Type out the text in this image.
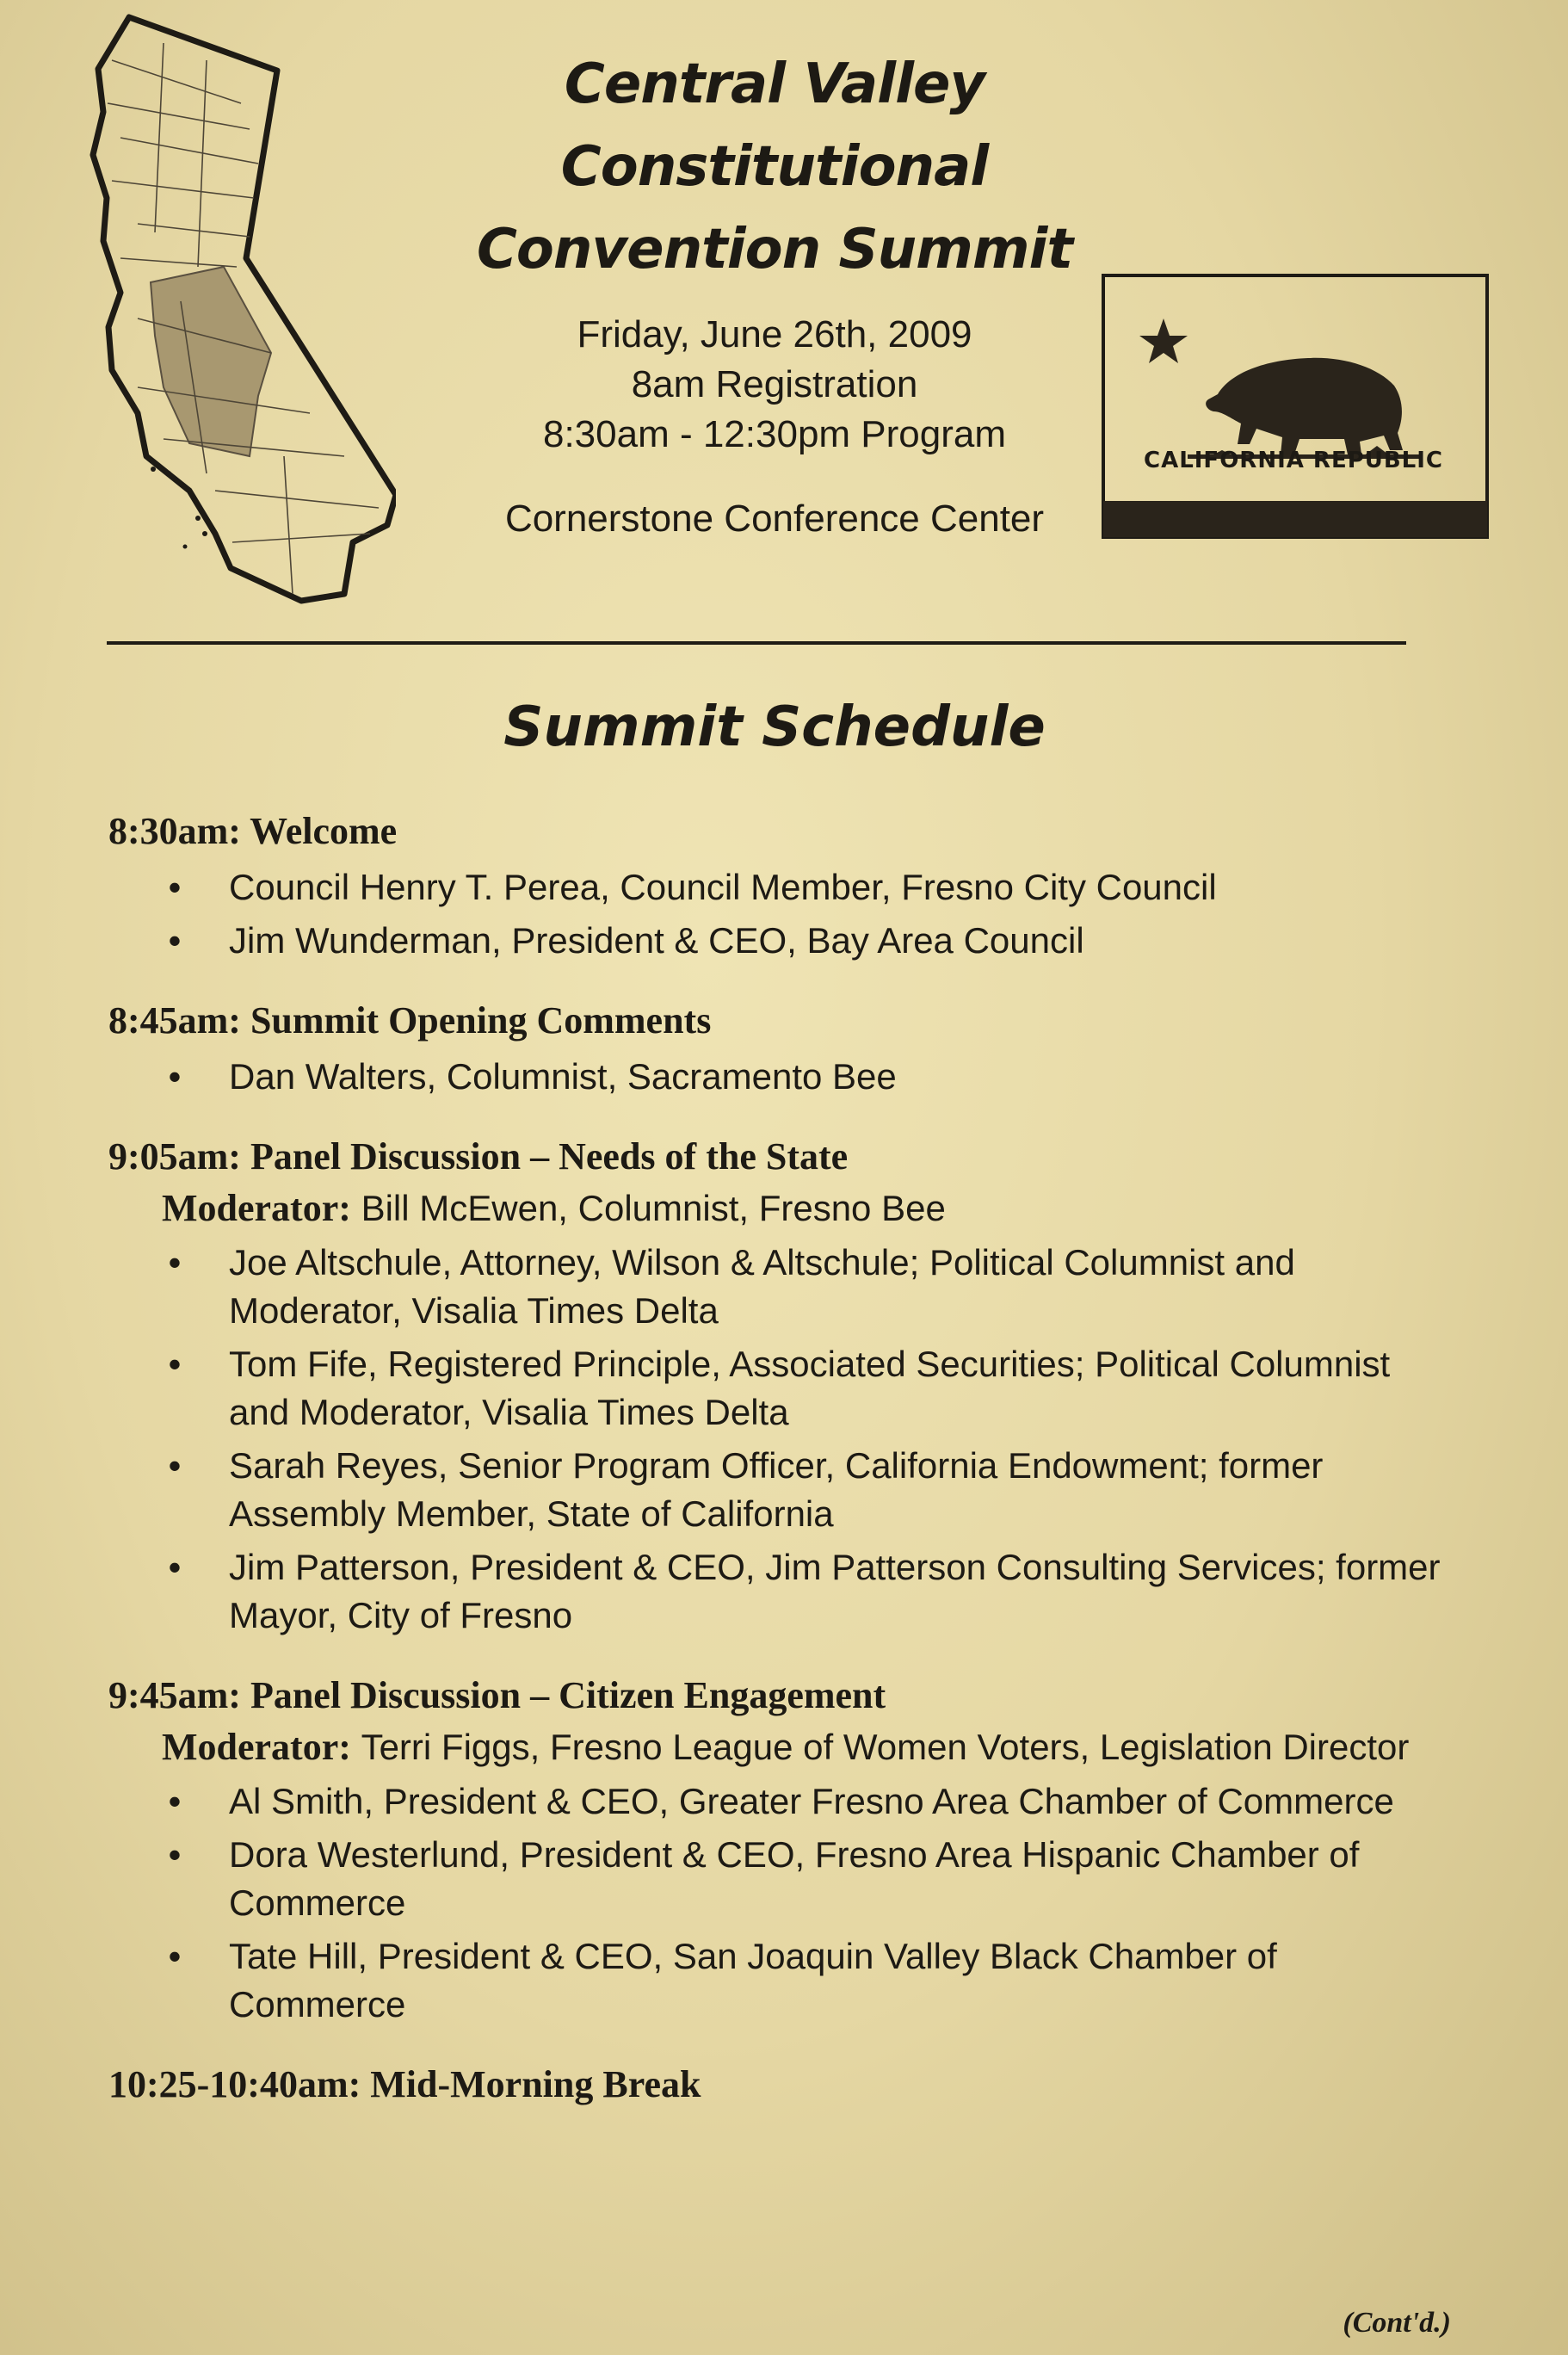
Central Valley Constitutional
Convention Summit
Friday, June 26th, 2009
8am Registration
8:30am - 12:30pm Program
Cornerstone Conference Center
CALIFORNIA REPUBLIC
Summit Schedule
8:30am: Welcome
• Council Henry T. Perea, Council Member, Fresno City Council
• Jim Wunderman, President & CEO, Bay Area Council
8:45am: Summit Opening Comments
• Dan Walters, Columnist, Sacramento Bee
9:05am: Panel Discussion – Needs of the State
Moderator:
Bill McEwen, Columnist, Fresno Bee
• Joe Altschule, Attorney, Wilson & Altschule; Political Columnist and Moderator, Visalia Times Delta
• Tom Fife, Registered Principle, Associated Securities; Political Columnist and Moderator, Visalia Times Delta
• Sarah Reyes, Senior Program Officer, California Endowment; former Assembly Member, State of California
• Jim Patterson, President & CEO, Jim Patterson Consulting Services; former Mayor, City of Fresno
9:45am: Panel Discussion – Citizen Engagement
Moderator:
Terri Figgs, Fresno League of Women Voters, Legislation Director
• Al Smith, President & CEO, Greater Fresno Area Chamber of Commerce
• Dora Westerlund, President & CEO, Fresno Area Hispanic Chamber of Commerce
• Tate Hill, President & CEO, San Joaquin Valley Black Chamber of Commerce
10:25-10:40am: Mid-Morning Break
(Cont'd.)
